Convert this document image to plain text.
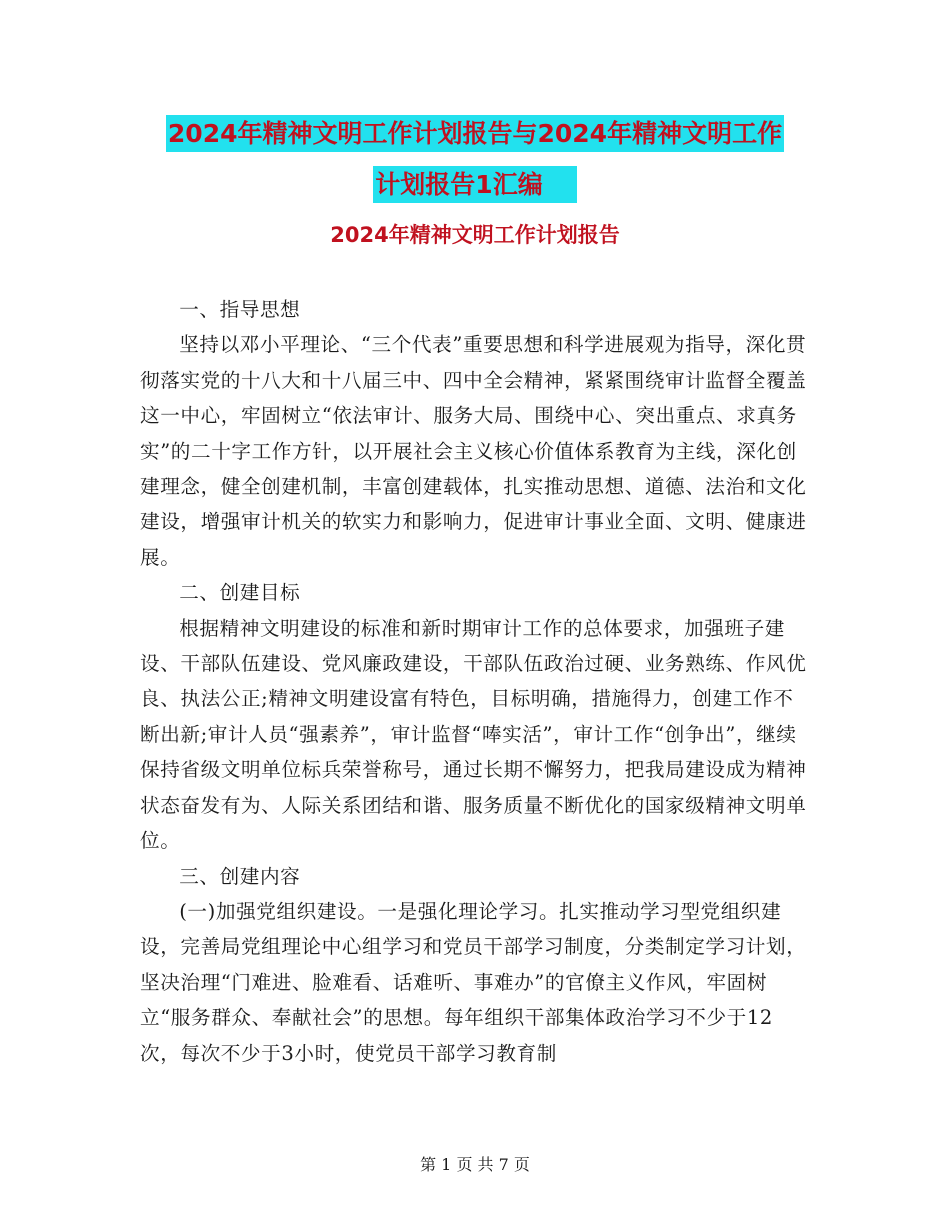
2024年精神文明工作计划报告与2024年精神文明工作
计划报告1汇编
2024年精神文明工作计划报告

一、指导思想

坚持以邓小平理论、“三个代表”重要思想和科学进展观为指导，深化贯彻落实党的十八大和十八届三中、四中全会精神，紧紧围绕审计监督全覆盖这一中心，牢固树立“依法审计、服务大局、围绕中心、突出重点、求真务实”的二十字工作方针，以开展社会主义核心价值体系教育为主线，深化创建理念，健全创建机制，丰富创建载体，扎实推动思想、道德、法治和文化建设，增强审计机关的软实力和影响力，促进审计事业全面、文明、健康进展。

二、创建目标

根据精神文明建设的标准和新时期审计工作的总体要求，加强班子建设、干部队伍建设、党风廉政建设，干部队伍政治过硬、业务熟练、作风优良、执法公正;精神文明建设富有特色，目标明确，措施得力，创建工作不断出新;审计人员“强素养”，审计监督“唪实活”，审计工作“创争出”，继续保持省级文明单位标兵荣誉称号，通过长期不懈努力，把我局建设成为精神状态奋发有为、人际关系团结和谐、服务质量不断优化的国家级精神文明单位。

三、创建内容

(一)加强党组织建设。一是强化理论学习。扎实推动学习型党组织建设，完善局党组理论中心组学习和党员干部学习制度，分类制定学习计划，坚决治理“门难进、脸难看、话难听、事难办”的官僚主义作风，牢固树立“服务群众、奉献社会”的思想。每年组织干部集体政治学习不少于12次，每次不少于3小时，使党员干部学习教育制

第 1 页 共 7 页
